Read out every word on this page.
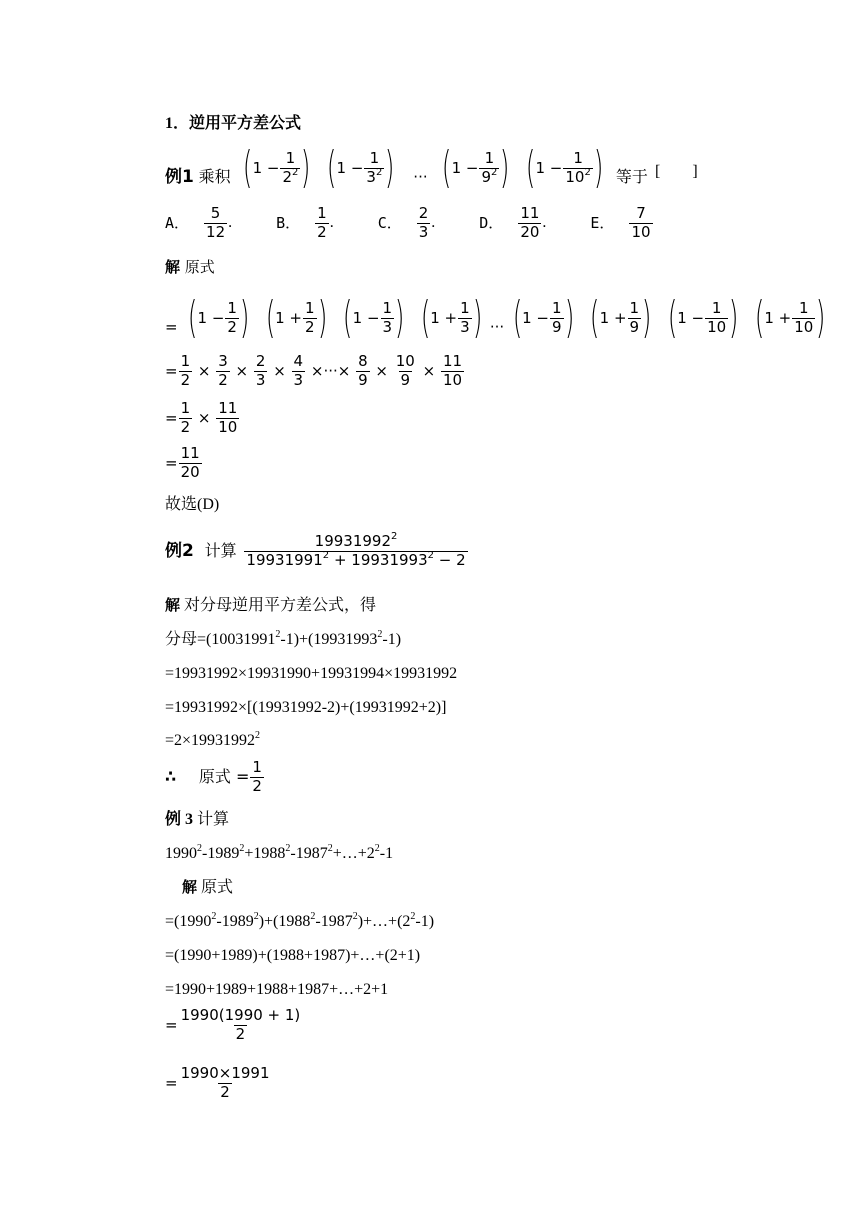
1．逆用平方差公式
例1 乘积 ( $1 - \frac{1}{2^2}$ )
( $1 - \frac{1}{3^2}$ ) ··· ( $1 - \frac{1}{9^2}$ )
( $1 - \frac{1}{10^2}$ ) 等于 [　　]
A． $\frac{5}{12}$ .
	B． $\frac{1}{2}$ .
	C． $\frac{2}{3}$ .
	D． $\frac{11}{20}$ .
	E． $\frac{7}{10}$
解 原式
= ( $1 - \frac{1}{2}$ )
( $1 + \frac{1}{2}$ )
( $1 - \frac{1}{3}$ )
( $1 + \frac{1}{3}$ ) ··· ( $1 - \frac{1}{9}$ )
( $1 + \frac{1}{9}$ )
( $1 - \frac{1}{10}$ )
( $1 + \frac{1}{10}$ )
= $\frac{1}{2} \times \frac{3}{2} \times \frac{2}{3} \times \frac{4}{3}$ ×···× $\frac{8}{9} \times \frac{10}{9} \times \frac{11}{10}$
= $\frac{1}{2} \times \frac{11}{10}$
= $\frac{11}{20}$
故选(D)
例2 计算 $\frac{19931992^2}{19931991^2 + 19931993^2 - 2}$
解 对分母逆用平方差公式，得
分母$=(10031991^2-1)+(19931993^2-1)$
=19931992×19931990+19931994×19931992
=19931992×[(19931992-2)+(19931992+2)]
$=2\times 19931992^2$
∴ 原式 = $\frac{1}{2}$
例 3 计算
$1990^2-1989^2+1988^2-1987^2+\dots+2^2-1$
解 原式
$=(1990^2-1989^2)+(1988^2-1987^2)+\dots+(2^2-1)$
=(1990+1989)+(1988+1987)+…+(2+1)
=1990+1989+1988+1987+…+2+1
= $\frac{1990(1990 + 1)}{2}$
= $\frac{1990\times 1991}{2}$
